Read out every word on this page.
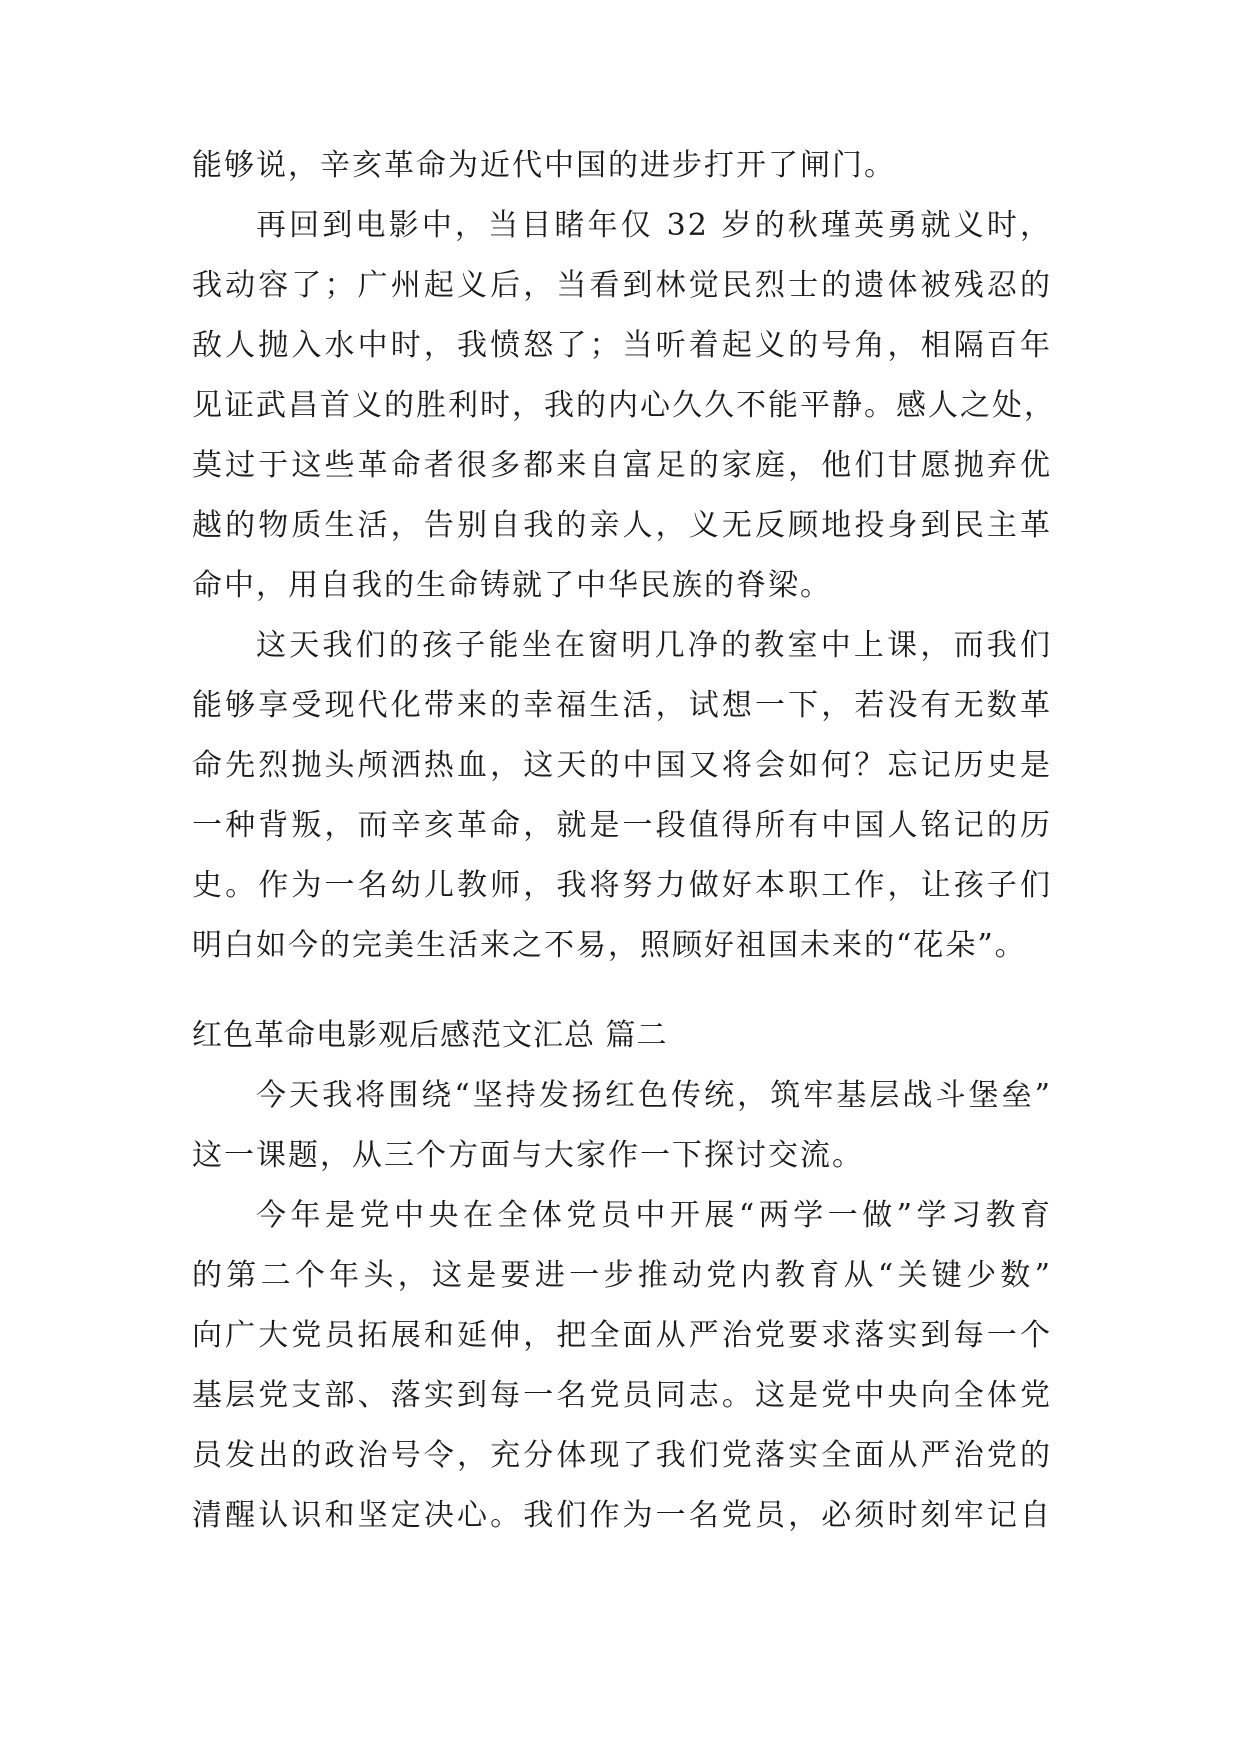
能够说，辛亥革命为近代中国的进步打开了闸门。
再回到电影中，当目睹年仅 32 岁的秋瑾英勇就义时，
我动容了；广州起义后，当看到林觉民烈士的遗体被残忍的
敌人抛入水中时，我愤怒了；当听着起义的号角，相隔百年
见证武昌首义的胜利时，我的内心久久不能平静。感人之处，
莫过于这些革命者很多都来自富足的家庭，他们甘愿抛弃优
越的物质生活，告别自我的亲人，义无反顾地投身到民主革
命中，用自我的生命铸就了中华民族的脊梁。
这天我们的孩子能坐在窗明几净的教室中上课，而我们
能够享受现代化带来的幸福生活，试想一下，若没有无数革
命先烈抛头颅洒热血，这天的中国又将会如何？忘记历史是
一种背叛，而辛亥革命，就是一段值得所有中国人铭记的历
史。作为一名幼儿教师，我将努力做好本职工作，让孩子们
明白如今的完美生活来之不易，照顾好祖国未来的“花朵”。
红色革命电影观后感范文汇总 篇二
今天我将围绕“坚持发扬红色传统，筑牢基层战斗堡垒”
这一课题，从三个方面与大家作一下探讨交流。
今年是党中央在全体党员中开展“两学一做”学习教育
的第二个年头，这是要进一步推动党内教育从“关键少数”
向广大党员拓展和延伸，把全面从严治党要求落实到每一个
基层党支部、落实到每一名党员同志。这是党中央向全体党
员发出的政治号令，充分体现了我们党落实全面从严治党的
清醒认识和坚定决心。我们作为一名党员，必须时刻牢记自
